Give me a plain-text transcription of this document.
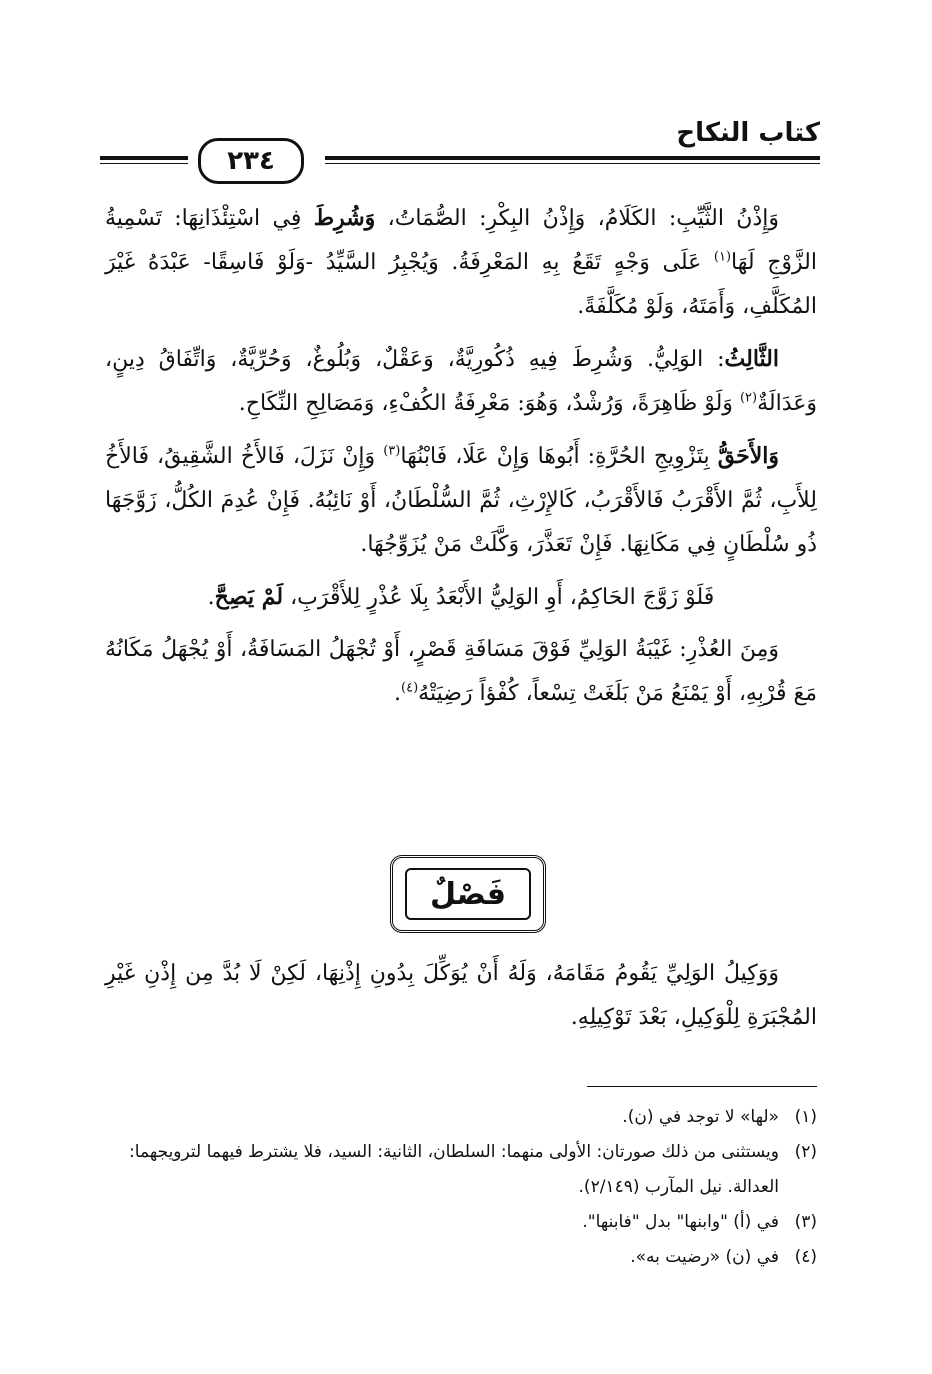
كتاب النكاح
٢٣٤

وَإِذْنُ الثَّيِّبِ: الكَلَامُ، وَإِذْنُ البِكْرِ: الصُّمَاتُ، وَشُرِطَ فِي اسْتِئْذَانِهَا: تَسْمِيةُ الزَّوْجِ لَهَا$^{(١)}$ عَلَى وَجْهٍ تَقَعُ بِهِ المَعْرِفَةُ. وَيُجْبِرُ السَّيِّدُ -وَلَوْ فَاسِقًا- عَبْدَهُ غَيْرَ المُكَلَّفِ، وَأَمَتَهُ، وَلَوْ مُكَلَّفَةً.

الثَّالِثُ: الوَلِيُّ. وَشُرِطَ فِيهِ ذُكُورِيَّةٌ، وَعَقْلٌ، وَبُلُوغٌ، وَحُرِّيَّةٌ، وَاتِّفَاقُ دِينٍ، وَعَدَالَةٌ$^{(٢)}$ وَلَوْ ظَاهِرَةً، وَرُشْدٌ، وَهُوَ: مَعْرِفَةُ الكُفْءِ، وَمَصَالِحِ النِّكَاحِ.

وَالأَحَقُّ بِتَزْوِيجِ الحُرَّةِ: أَبُوهَا وَإِنْ عَلَا، فَابْنُهَا$^{(٣)}$ وَإِنْ نَزَلَ، فَالأَخُ الشَّقِيقُ، فَالأَخُ لِلأَبِ، ثُمَّ الأَقْرَبُ فَالأَقْرَبُ، كَالإِرْثِ، ثُمَّ السُّلْطَانُ، أَوْ نَائِبُهُ. فَإِنْ عُدِمَ الكُلُّ، زَوَّجَهَا ذُو سُلْطَانٍ فِي مَكَانِهَا. فَإِنْ تَعَذَّرَ، وَكَّلَتْ مَنْ يُزَوِّجُهَا.

فَلَوْ زَوَّجَ الحَاكِمُ، أَوِ الوَلِيُّ الأَبْعَدُ بِلَا عُذْرٍ لِلأَقْرَبِ، لَمْ يَصِحَّ.

وَمِنَ العُذْرِ: غَيْبَةُ الوَلِيِّ فَوْقَ مَسَافَةِ قَصْرٍ، أَوْ تُجْهَلُ المَسَافَةُ، أَوْ يُجْهَلُ مَكَانُهُ مَعَ قُرْبِهِ، أَوْ يَمْنَعُ مَنْ بَلَغَتْ تِسْعاً، كُفْؤاً رَضِيَتْهُ$^{(٤)}$.

فَصْلٌ

وَوَكِيلُ الوَلِيِّ يَقُومُ مَقَامَهُ، وَلَهُ أَنْ يُوَكِّلَ بِدُونِ إِذْنِهَا، لَكِنْ لَا بُدَّ مِن إِذْنِ غَيْرِ المُجْبَرَةِ لِلْوَكِيلِ، بَعْدَ تَوْكِيلِهِ.

(١)
«لها» لا توجد في (ن).
(٢)
ويستثنى من ذلك صورتان: الأولى منهما: السلطان، الثانية: السيد، فلا يشترط فيهما لترويجهما: العدالة. نيل المآرب (٢/١٤٩).
(٣)
في (أ) "وابنها" بدل "فابنها".
(٤)
في (ن) «رضيت به».
